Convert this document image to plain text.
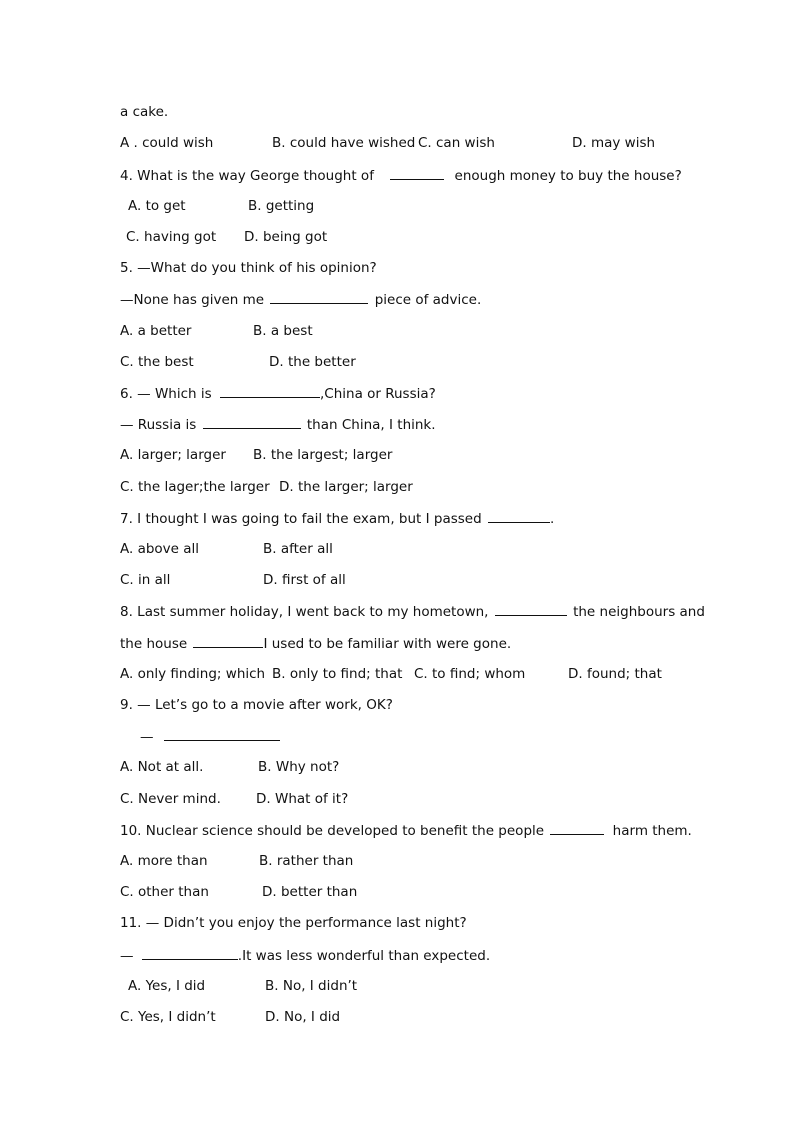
a cake.
A . could wish	B. could have wished C. can wish	D. may wish
4. What is the way George thought of	enough money to buy the house?
A. to get	B. getting
C. having got D. being got
5. —What do you think of his opinion?
—None has given me	piece of advice.
A. a better	B. a best
C. the best	D. the better
6. — Which is	,China or Russia?
— Russia is	than China, I think.
A. larger; larger B. the largest; larger
C. the lager;the larger D. the larger; larger
7. I thought I was going to fail the exam, but I passed	.
A. above all	B. after all
C. in all	D. first of all
8. Last summer holiday, I went back to my hometown,	the neighbours and
the house	I used to be familiar with were gone.
A. only finding; which B. only to find; that C. to find; whom	D. found; that
9. — Let’s go to a movie after work, OK?
—
A. Not at all.	B. Why not?
C. Never mind.	D. What of it?
10. Nuclear science should be developed to benefit the people	harm them.
A. more than	B. rather than
C. other than	D. better than
11. — Didn’t you enjoy the performance last night?
—	.It was less wonderful than expected.
A. Yes, I did	B. No, I didn’t
C. Yes, I didn’t	D. No, I did
